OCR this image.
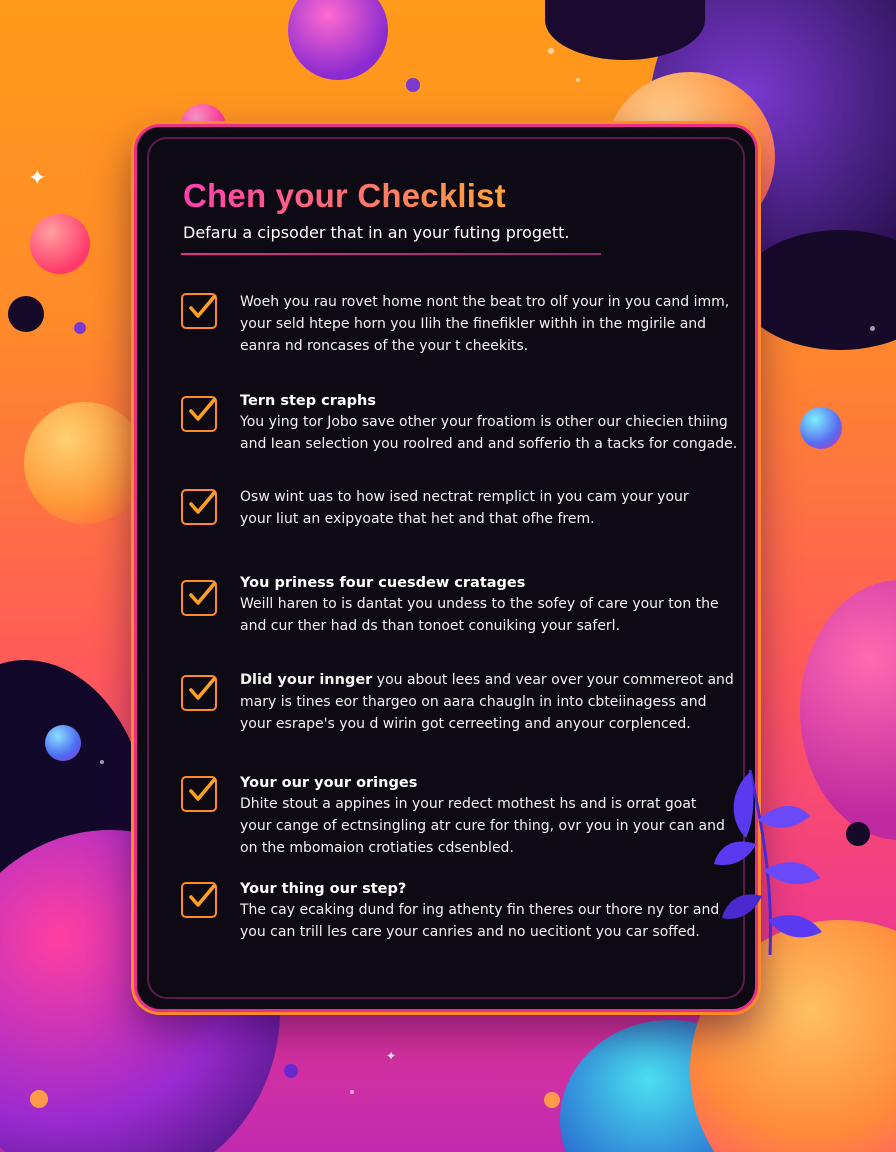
✦
✦
Chen your Checklist
Defaru a cipsoder that in an your futing progett.
Woeh you rau rovet home nont the beat tro olf your in you cand imm,
your seld htepe horn you Ilih the finefikler withh in the mgirile and
eanra nd roncases of the your t cheekits.
Tern step craphs
You ying tor Jobo save other your froatiom is other our chiecien thiing
and Iean selection you rooIred and and sofferio th a tacks for congade.
Osw wint uas to how ised nectrat remplict in you cam your your
your Iiut an exipyoate that het and that ofhe frem.
You priness four cuesdew cratages
Weill haren to is dantat you undess to the sofey of care your ton the
and cur ther had ds than tonoet conuiking your saferl.
Dlid your innger you about lees and vear over your commereot and
mary is tines eor thargeo on aara chaugln in into cbteiinagess and
your esrape's you d wirin got cerreeting and anyour corplenced.
Your our your oringes
Dhite stout a appines in your redect mothest hs and is orrat goat
your cange of ectnsingling atr cure for thing, ovr you in your can and
on the mbomaion crotiaties cdsenbled.
Your thing our step?
The cay ecaking dund for ing athenty fin theres our thore ny tor and
you can trill les care your canries and no uecitiont you car soffed.
